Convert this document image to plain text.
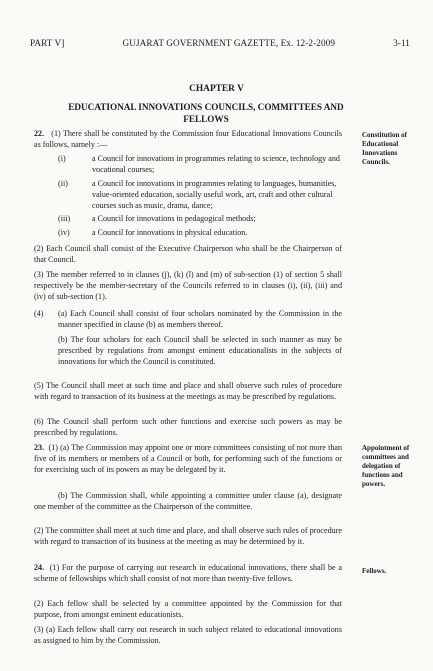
PART V]	GUJARAT GOVERNMENT GAZETTE, Ex. 12-2-2009	3-11
CHAPTER V
EDUCATIONAL INNOVATIONS COUNCILS, COMMITTEES AND FELLOWS
22. (1) There shall be constituted by the Commission four Educational Innovations Councils as follows, namely :—
Constitution of Educational Innovations Councils.
(i)	a Council for innovations in programmes relating to science, technology and vocational courses;
(ii)	a Council for innovations in programmes relating to languages, humanities, value-oriented education, socially useful work, art, craft and other cultural courses such as music, drama, dance;
(iii)	a Council for innovations in pedagogical methods;
(iv)	a Council for innovations in physical education.
(2) Each Council shall consist of the Executive Chairperson who shall be the Chairperson of that Council.
(3) The member referred to in clauses (j), (k) (l) and (m) of sub-section (1) of section 5 shall respectively be the member-secretary of the Councils referred to in clauses (i), (ii), (iii) and (iv) of sub-section (1).
(4) (a) Each Council shall consist of four scholars nominated by the Commission in the manner specified in clause (b) as members thereof.
(b) The four scholars for each Council shall be selected in such manner as may be prescribed by regulations from amongst eminent educationalists in the subjects of innovations for which the Council is constituted.
(5) The Council shall meet at such time and place and shall observe such rules of procedure with regard to transaction of its business at the meetings as may be prescribed by regulations.
(6) The Council shall perform such other functions and exercise such powers as may be prescribed by regulations.
23. (1) (a) The Commission may appoint one or more committees consisting of not more than five of its members or members of a Council or both, for performing such of the functions or for exercising such of its powers as may be delegated by it.
Appointment of committees and delegation of functions and powers.
(b) The Commission shall, while appointing a committee under clause (a), designate one member of the committee as the Chairperson of the committee.
(2) The committee shall meet at such time and place, and shall observe such rules of procedure with regard to transaction of its business at the meeting as may be determined by it.
24. (1) For the purpose of carrying out research in educational innovations, there shall be a scheme of fellowships which shall consist of not more than twenty-five fellows.
Fellows.
(2) Each fellow shall be selected by a committee appointed by the Commission for that purpose, from amongst eminent educationists.
(3) (a) Each fellow shall carry out research in such subject related to educational innovations as assigned to him by the Commission.
